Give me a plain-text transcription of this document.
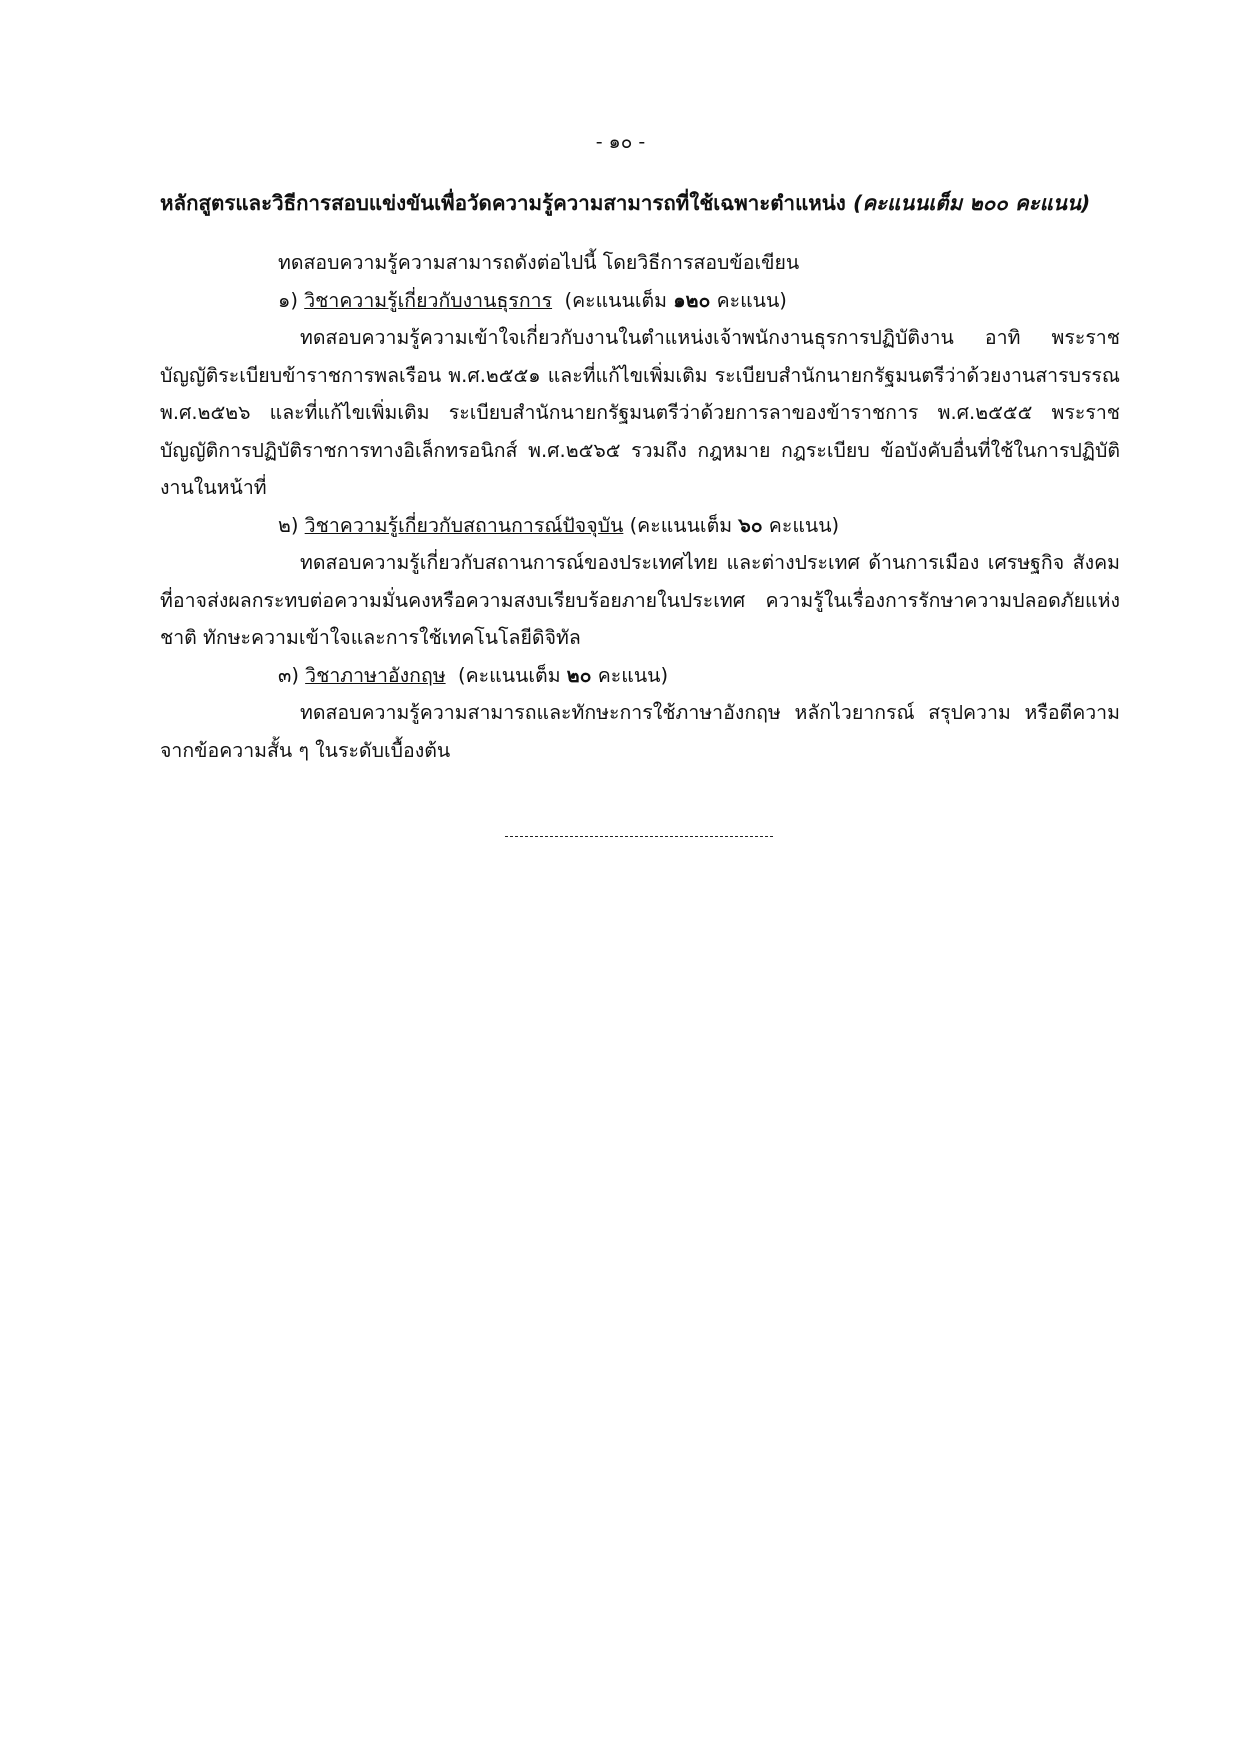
- ๑๐ -
หลักสูตรและวิธีการสอบแข่งขันเพื่อวัดความรู้ความสามารถที่ใช้เฉพาะตำแหน่ง (คะแนนเต็ม ๒๐๐ คะแนน)

ทดสอบความรู้ความสามารถดังต่อไปนี้ โดยวิธีการสอบข้อเขียน

๑) วิชาความรู้เกี่ยวกับงานธุรการ (คะแนนเต็ม ๑๒๐ คะแนน)

ทดสอบความรู้ความเข้าใจเกี่ยวกับงานในตำแหน่งเจ้าพนักงานธุรการปฏิบัติงาน อาทิ พระราชบัญญัติระเบียบข้าราชการพลเรือน พ.ศ.๒๕๕๑ และที่แก้ไขเพิ่มเติม ระเบียบสำนักนายกรัฐมนตรีว่าด้วยงานสารบรรณ พ.ศ.๒๕๒๖ และที่แก้ไขเพิ่มเติม ระเบียบสำนักนายกรัฐมนตรีว่าด้วยการลาของข้าราชการ พ.ศ.๒๕๕๕ พระราชบัญญัติการปฏิบัติราชการทางอิเล็กทรอนิกส์ พ.ศ.๒๕๖๕ รวมถึง กฎหมาย กฎระเบียบ ข้อบังคับอื่นที่ใช้ในการปฏิบัติงานในหน้าที่

๒) วิชาความรู้เกี่ยวกับสถานการณ์ปัจจุบัน (คะแนนเต็ม ๖๐ คะแนน)

ทดสอบความรู้เกี่ยวกับสถานการณ์ของประเทศไทย และต่างประเทศ ด้านการเมือง เศรษฐกิจ สังคม ที่อาจส่งผลกระทบต่อความมั่นคงหรือความสงบเรียบร้อยภายในประเทศ ความรู้ในเรื่องการรักษาความปลอดภัยแห่งชาติ ทักษะความเข้าใจและการใช้เทคโนโลยีดิจิทัล

๓) วิชาภาษาอังกฤษ (คะแนนเต็ม ๒๐ คะแนน)

ทดสอบความรู้ความสามารถและทักษะการใช้ภาษาอังกฤษ หลักไวยากรณ์ สรุปความ หรือตีความจากข้อความสั้น ๆ ในระดับเบื้องต้น
